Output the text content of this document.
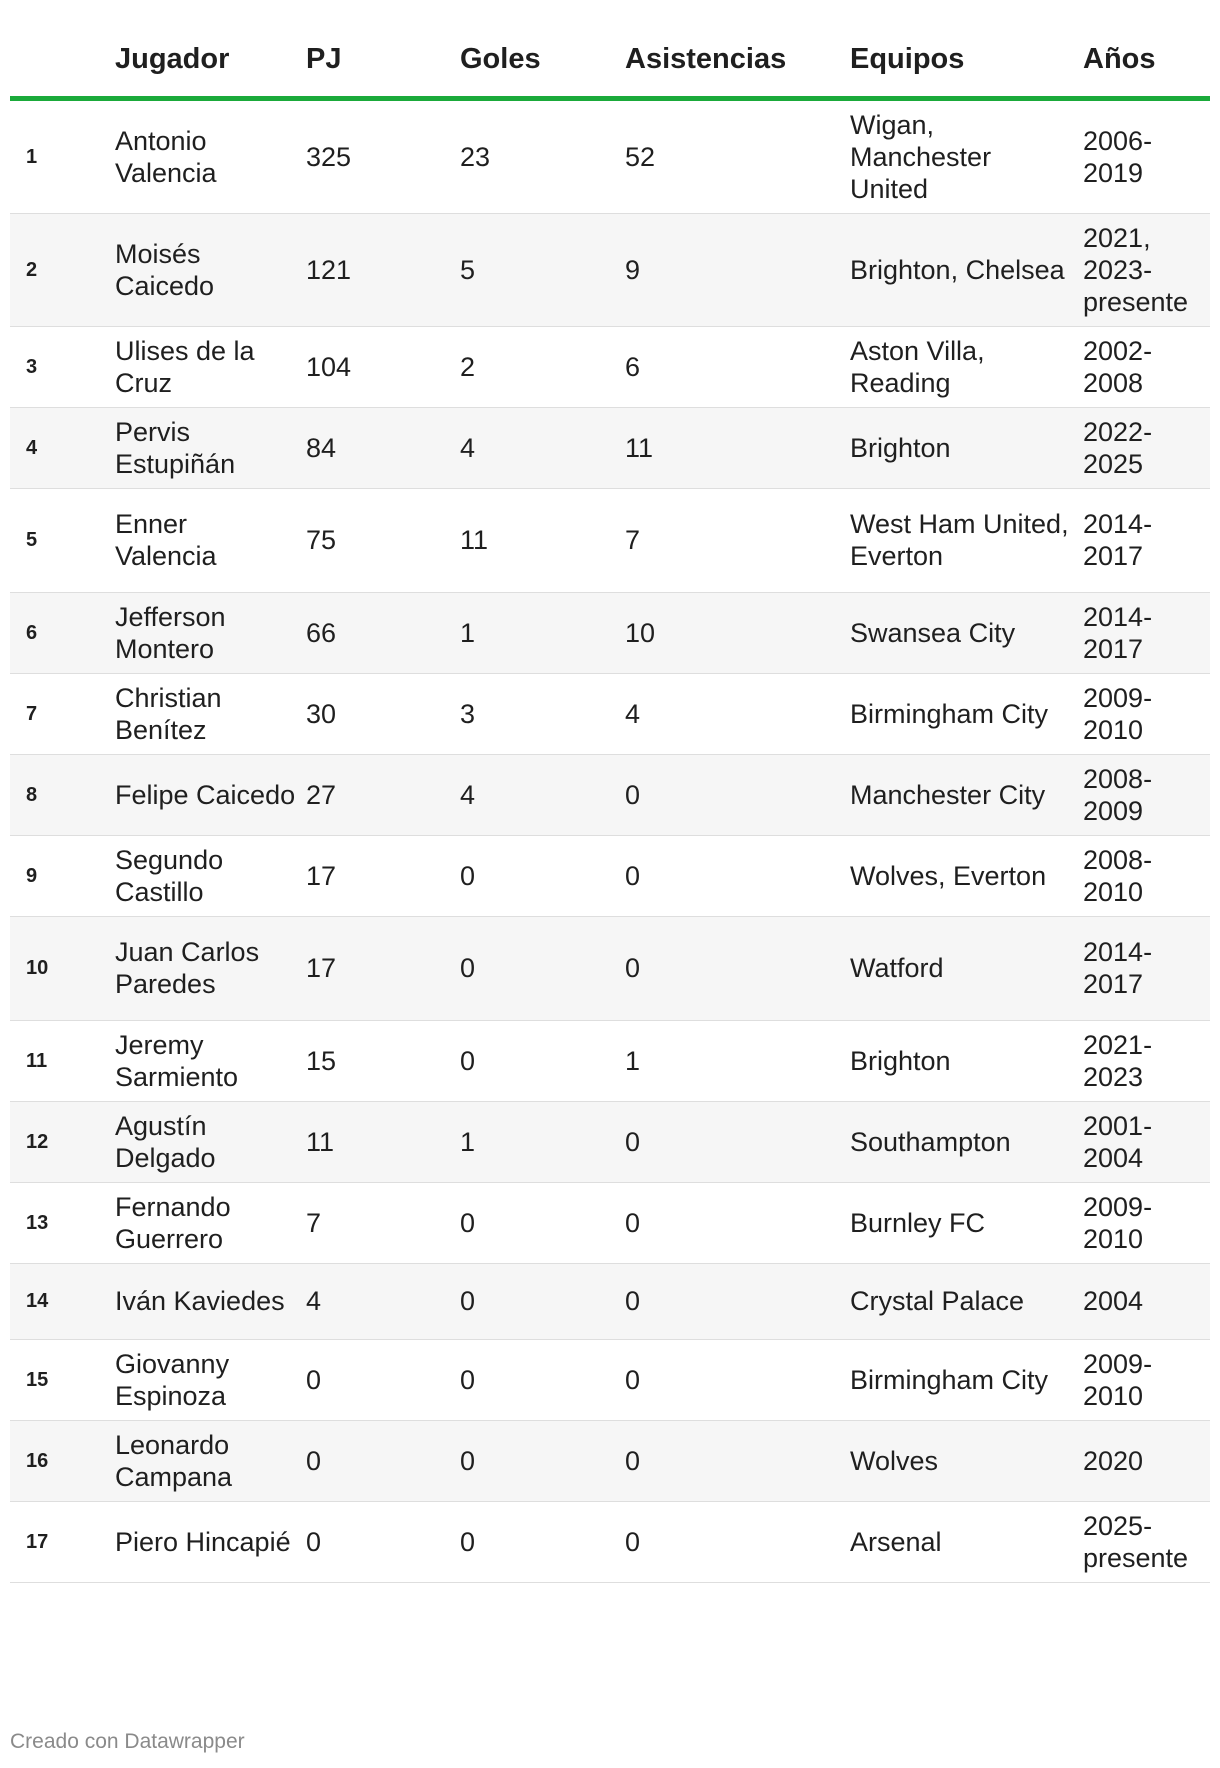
	Jugador	PJ	Goles	Asistencias	Equipos	Años
1	Antonio Valencia	325	23	52	Wigan, Manchester United	2006-2019
2	Moisés Caicedo	121	5	9	Brighton, Chelsea	2021, 2023-presente
3	Ulises de la Cruz	104	2	6	Aston Villa, Reading	2002-2008
4	Pervis Estupiñán	84	4	11	Brighton	2022-2025
5	Enner Valencia	75	11	7	West Ham United, Everton	2014-2017
6	Jefferson Montero	66	1	10	Swansea City	2014-2017
7	Christian Benítez	30	3	4	Birmingham City	2009-2010
8	Felipe Caicedo	27	4	0	Manchester City	2008-2009
9	Segundo Castillo	17	0	0	Wolves, Everton	2008-2010
10	Juan Carlos Paredes	17	0	0	Watford	2014-2017
11	Jeremy Sarmiento	15	0	1	Brighton	2021-2023
12	Agustín Delgado	11	1	0	Southampton	2001-2004
13	Fernando Guerrero	7	0	0	Burnley FC	2009-2010
14	Iván Kaviedes	4	0	0	Crystal Palace	2004
15	Giovanny Espinoza	0	0	0	Birmingham City	2009-2010
16	Leonardo Campana	0	0	0	Wolves	2020
17	Piero Hincapié	0	0	0	Arsenal	2025-presente
Creado con Datawrapper
